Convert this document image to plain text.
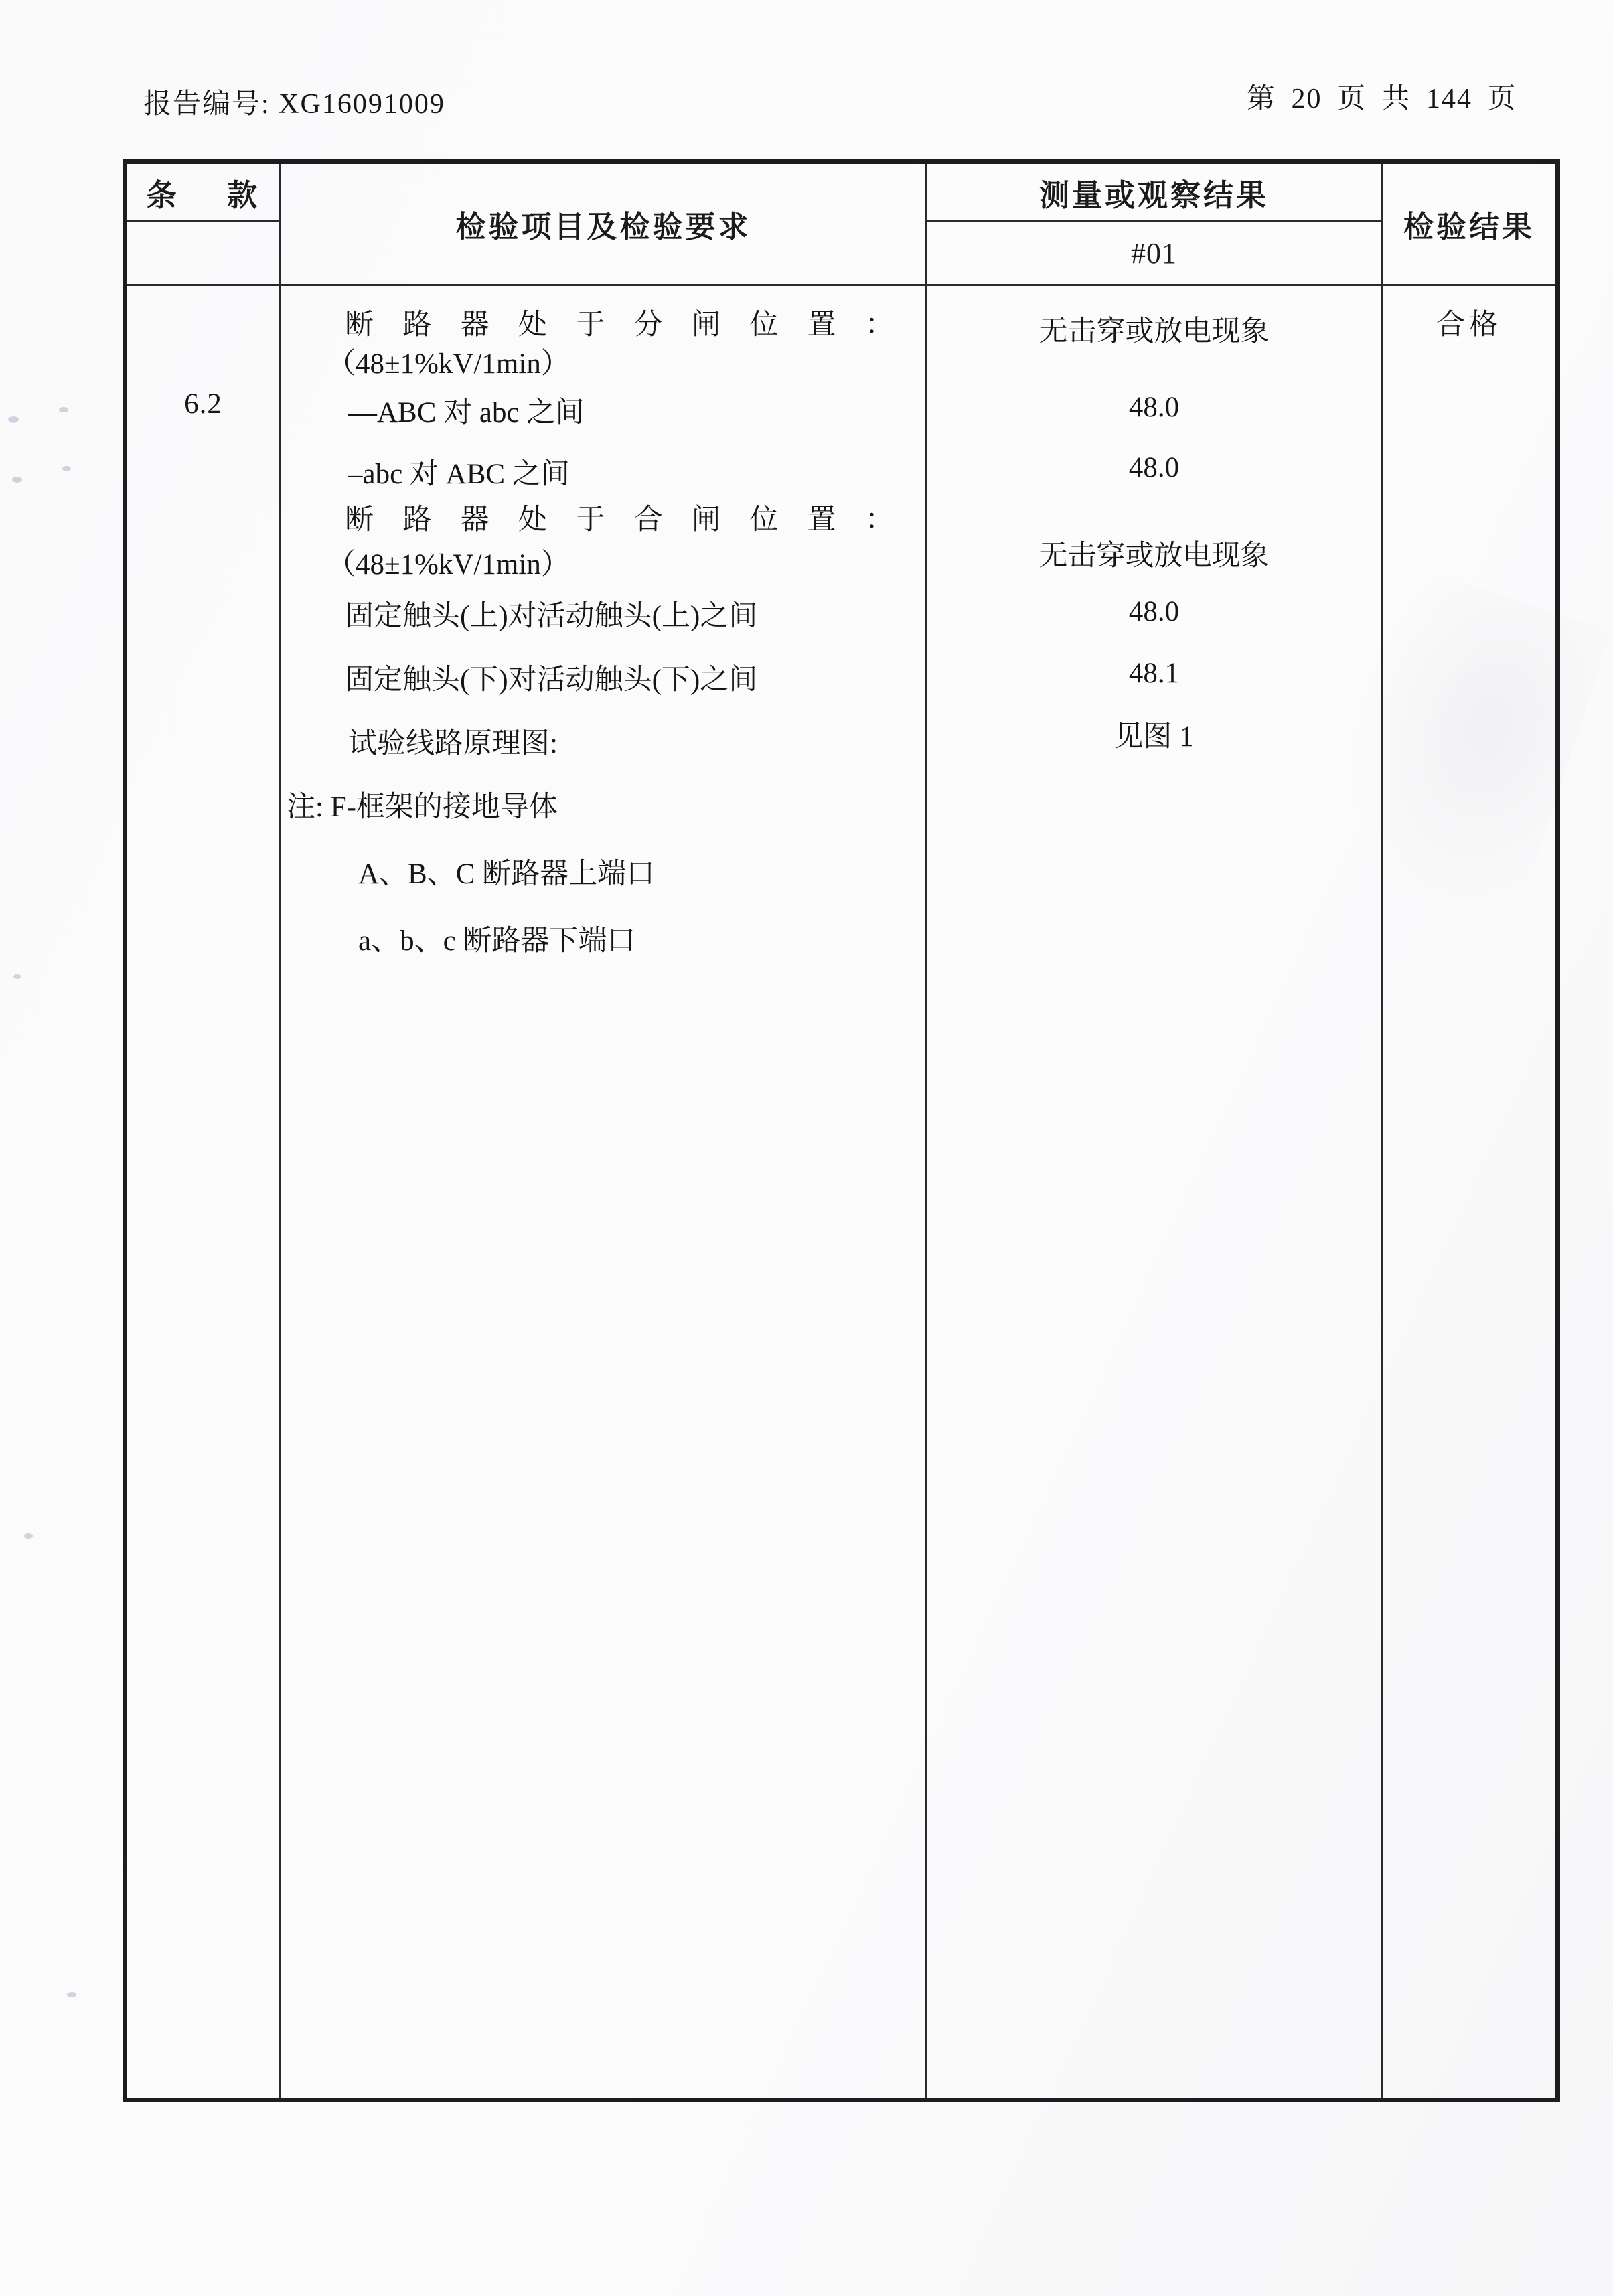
报告编号: XG16091009	第 20 页 共 144 页
条 款
检验项目及检验要求
测量或观察结果
#01
检验结果
6.2
断路器处于分闸位置：
（48±1%kV/1min）
—ABC 对 abc 之间
–abc 对 ABC 之间
断路器处于合闸位置：
（48±1%kV/1min）
固定触头(上)对活动触头(上)之间
固定触头(下)对活动触头(下)之间
试验线路原理图:
注: F-框架的接地导体
A、B、C 断路器上端口
a、b、c 断路器下端口
无击穿或放电现象
48.0
48.0
无击穿或放电现象
48.0
48.1
见图 1
合格
